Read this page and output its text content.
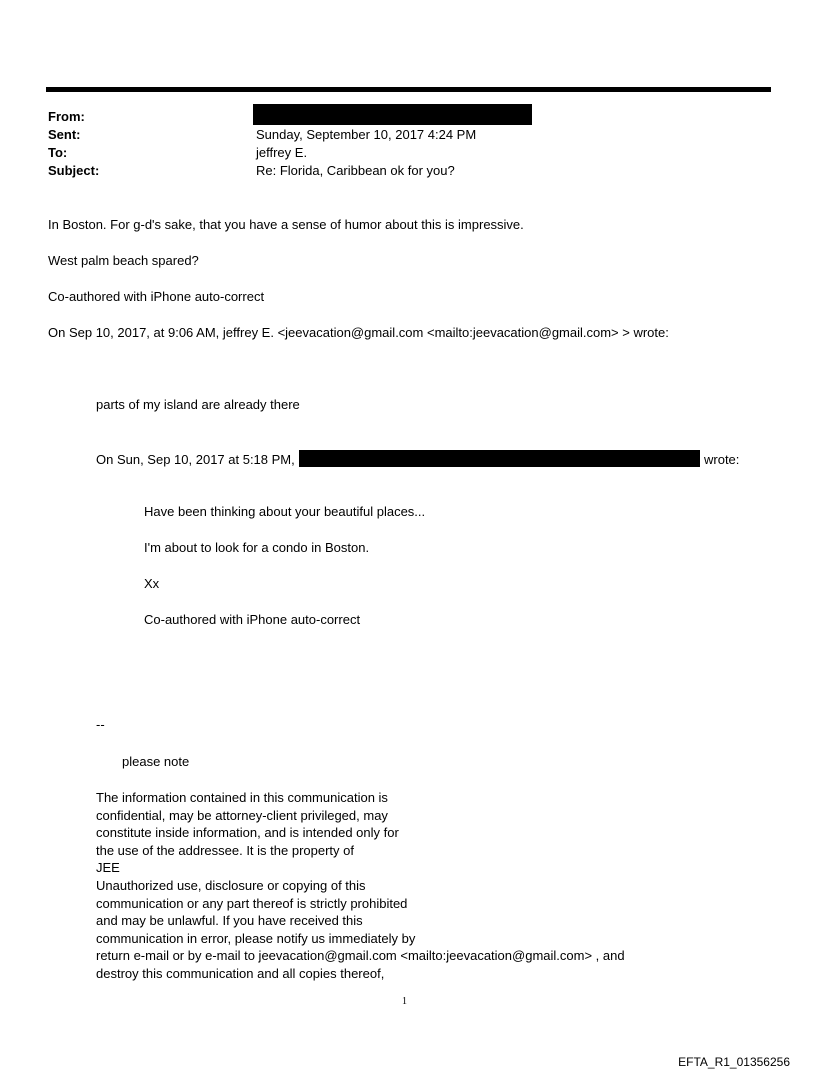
From:
Sent:	Sunday, September 10, 2017 4:24 PM
To:	jeffrey E.
Subject:	Re: Florida, Caribbean ok for you?
In Boston. For g-d's sake, that you have a sense of humor about this is impressive.
West palm beach spared?
Co-authored with iPhone auto-correct
On Sep 10, 2017, at 9:06 AM, jeffrey E. <jeevacation@gmail.com <mailto:jeevacation@gmail.com> > wrote:
parts of my island are already there
On Sun, Sep 10, 2017 at 5:18 PM,	wrote:
Have been thinking about your beautiful places...
I'm about to look for a condo in Boston.
Xx
Co-authored with iPhone auto-correct
--
please note
The information contained in this communication is
confidential, may be attorney-client privileged, may
constitute inside information, and is intended only for
the use of the addressee. It is the property of
JEE
Unauthorized use, disclosure or copying of this
communication or any part thereof is strictly prohibited
and may be unlawful. If you have received this
communication in error, please notify us immediately by
return e-mail or by e-mail to jeevacation@gmail.com <mailto:jeevacation@gmail.com> , and
destroy this communication and all copies thereof,
1
EFTA_R1_01356256
